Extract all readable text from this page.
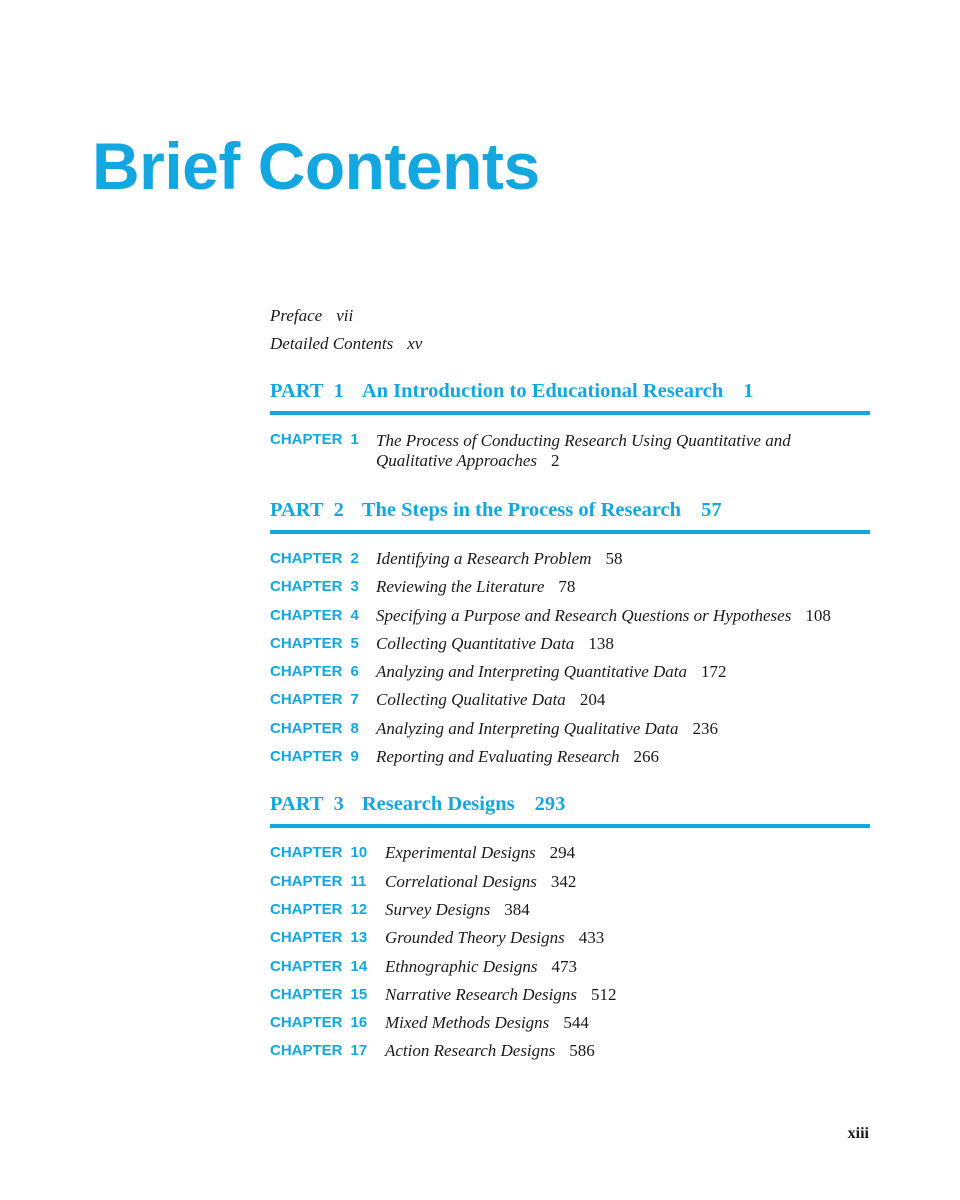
Brief Contents
Preface vii
Detailed Contents xv
PART 1 An Introduction to Educational Research 1
CHAPTER 1	The Process of Conducting Research Using Quantitative and Qualitative Approaches 2
PART 2 The Steps in the Process of Research 57
CHAPTER 2	Identifying a Research Problem 58
CHAPTER 3	Reviewing the Literature 78
CHAPTER 4	Specifying a Purpose and Research Questions or Hypotheses 108
CHAPTER 5	Collecting Quantitative Data 138
CHAPTER 6	Analyzing and Interpreting Quantitative Data 172
CHAPTER 7	Collecting Qualitative Data 204
CHAPTER 8	Analyzing and Interpreting Qualitative Data 236
CHAPTER 9	Reporting and Evaluating Research 266
PART 3 Research Designs 293
CHAPTER 10	Experimental Designs 294
CHAPTER 11	Correlational Designs 342
CHAPTER 12	Survey Designs 384
CHAPTER 13	Grounded Theory Designs 433
CHAPTER 14	Ethnographic Designs 473
CHAPTER 15	Narrative Research Designs 512
CHAPTER 16	Mixed Methods Designs 544
CHAPTER 17	Action Research Designs 586
xiii
